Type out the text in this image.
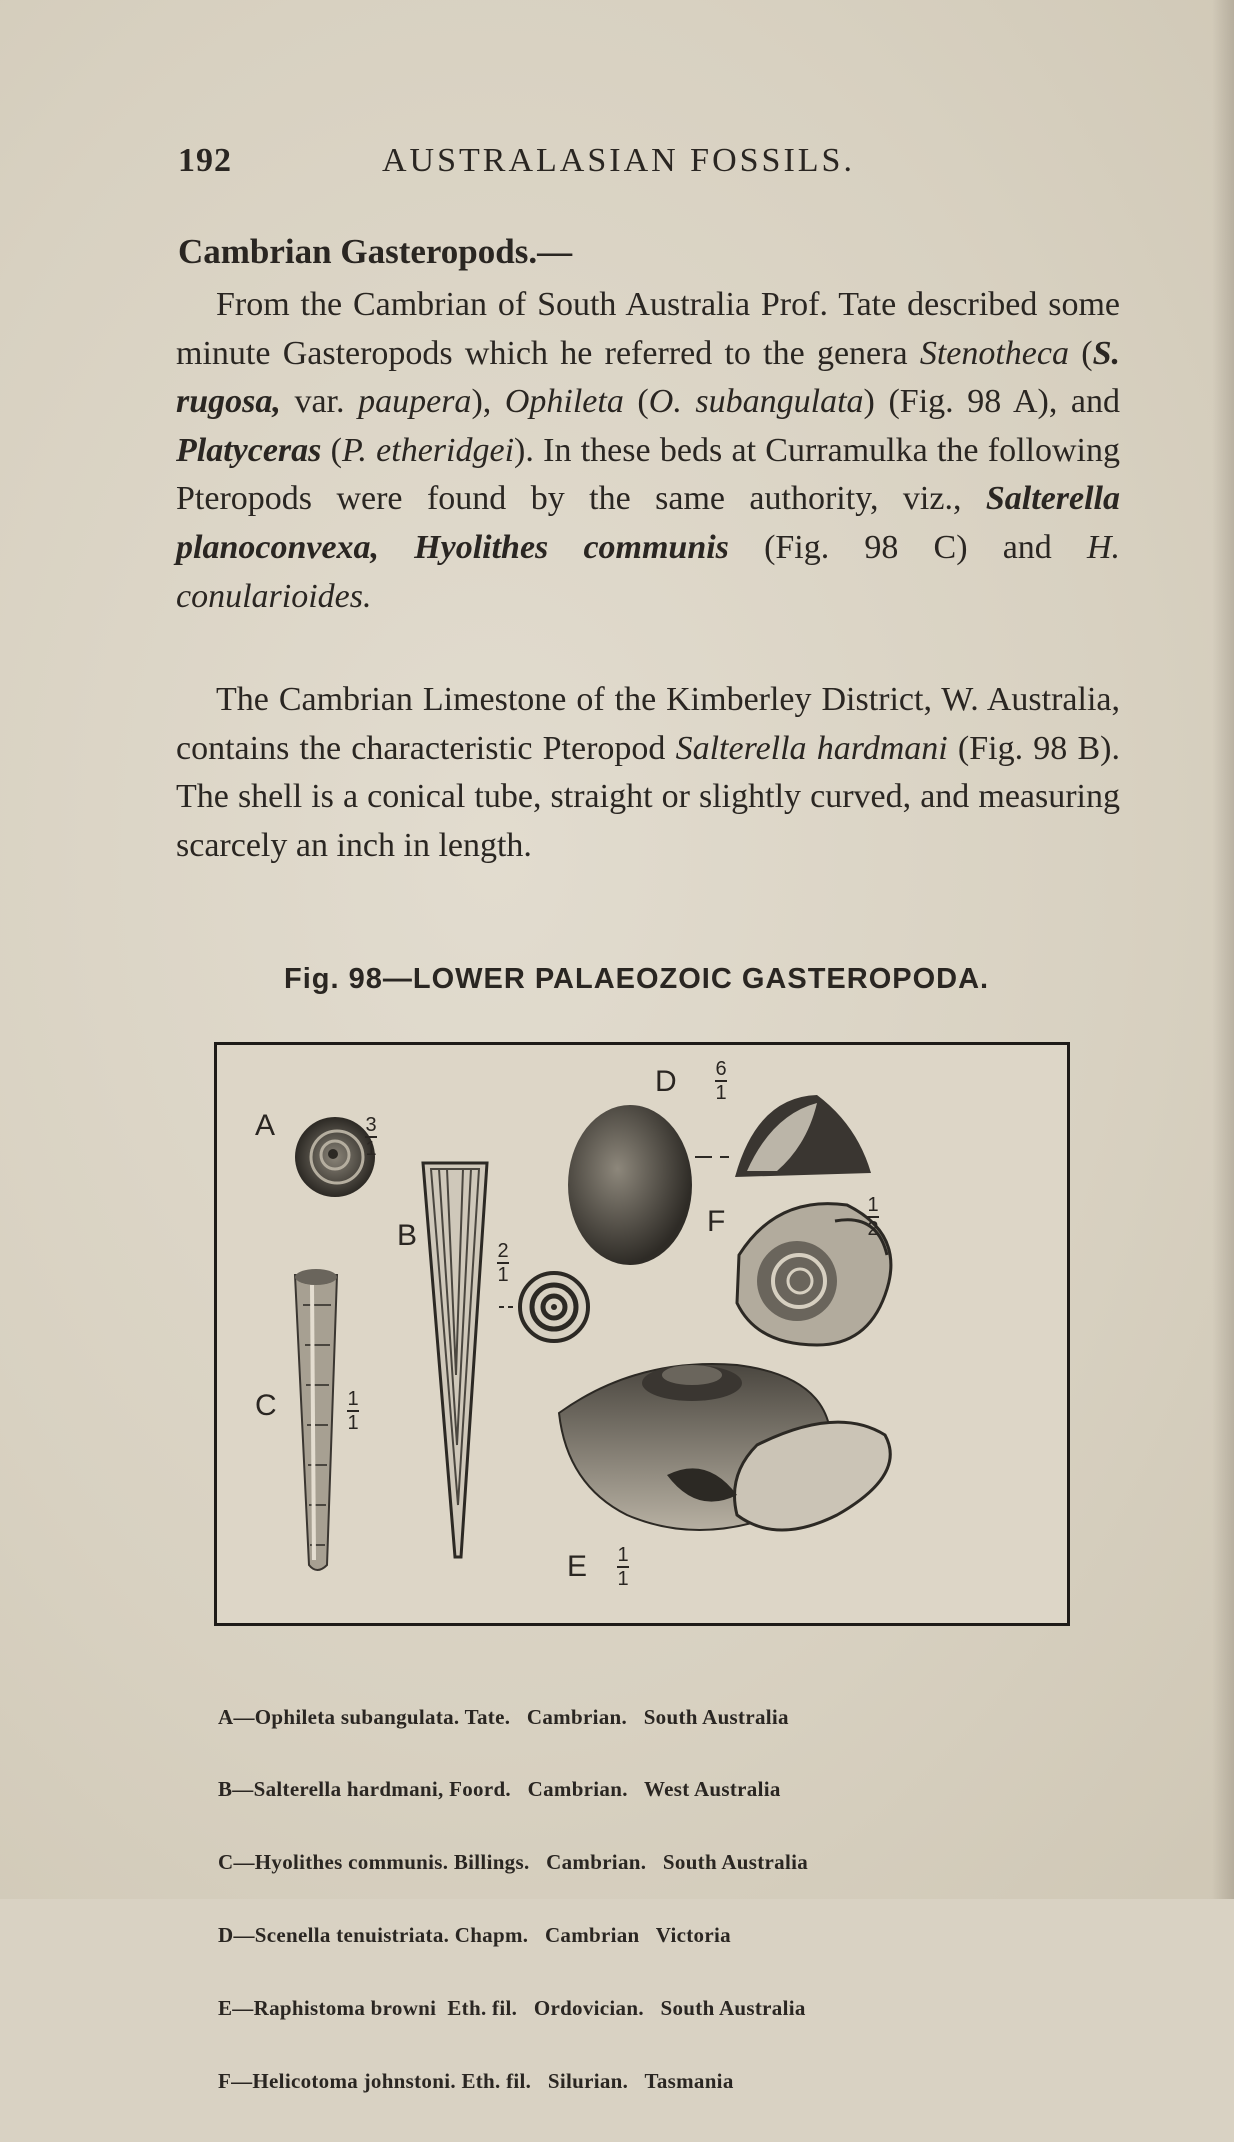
192	AUSTRALASIAN FOSSILS.
Cambrian Gasteropods.—

From the Cambrian of South Australia Prof. Tate described some minute Gasteropods which he referred to the genera Stenotheca (S. rugosa, var. paupera), Ophileta (O. subangulata) (Fig. 98 A), and Platyceras (P. etheridgei). In these beds at Curramulka the following Pteropods were found by the same authority, viz., Salterella planoconvexa, Hyolithes communis (Fig. 98 C) and H. conularioides.

The Cambrian Limestone of the Kimberley District, W. Australia, contains the characteristic Pteropod Salterella hardmani (Fig. 98 B). The shell is a conical tube, straight or slightly curved, and measuring scarcely an inch in length.

Fig. 98—LOWER PALAEOZOIC GASTEROPODA.
A
B
C
D
E
F
3
1
2
1
1
1
6
1
1
1
1
2

A—Ophileta subangulata. Tate.   Cambrian.   South Australia

B—Salterella hardmani, Foord.   Cambrian.   West Australia

C—Hyolithes communis. Billings.   Cambrian.   South Australia

D—Scenella tenuistriata. Chapm.   Cambrian   Victoria

E—Raphistoma browni  Eth. fil.   Ordovician.   South Australia

F—Helicotoma johnstoni. Eth. fil.   Silurian.   Tasmania
